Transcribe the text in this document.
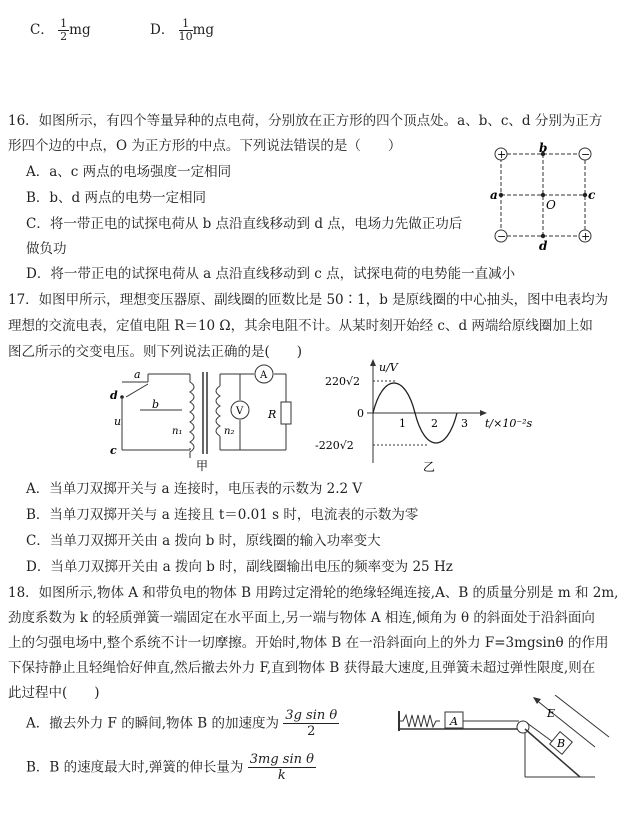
C． $\frac{1}{2}$ mg	D． $\frac{1}{10}$ mg
16．如图所示，有四个等量异种的点电荷，分别放在正方形的四个顶点处。a、b、c、d 分别为正方
形四个边的中点，O 为正方形的中点。下列说法错误的是（　　）
A．a、c 两点的电场强度一定相同
B．b、d 两点的电势一定相同
C．将一带正电的试探电荷从 b 点沿直线移动到 d 点，电场力先做正功后
做负功
D．将一带正电的试探电荷从 a 点沿直线移动到 c 点，试探电荷的电势能一直减小
+	−
+
−
b
d
a	c
O
17．如图甲所示，理想变压器原、副线圈的匝数比是 50∶1，b 是原线圈的中心抽头，图中电表均为
理想的交流电表，定值电阻 R＝10 Ω，其余电阻不计。从某时刻开始经 c、d 两端给原线圈加上如
图乙所示的交变电压。则下列说法正确的是(　　)
d
a
b
u
c
n₁	n₂
A
V R
甲
u/V
220√2
0
-220√2
t/×10⁻²s
1 2 3
乙
A．当单刀双掷开关与 a 连接时，电压表的示数为 2.2 V
B．当单刀双掷开关与 a 连接且 t＝0.01 s 时，电流表的示数为零
C．当单刀双掷开关由 a 拨向 b 时，原线圈的输入功率变大
D．当单刀双掷开关由 a 拨向 b 时，副线圈输出电压的频率变为 25 Hz
18．如图所示,物体 A 和带负电的物体 B 用跨过定滑轮的绝缘轻绳连接,A、B 的质量分别是 m 和 2m,
劲度系数为 k 的轻质弹簧一端固定在水平面上,另一端与物体 A 相连,倾角为 θ 的斜面处于沿斜面向
上的匀强电场中,整个系统不计一切摩擦。开始时,物体 B 在一沿斜面向上的外力 F=3mgsinθ 的作用
下保持静止且轻绳恰好伸直,然后撤去外力 F,直到物体 B 获得最大速度,且弹簧未超过弹性限度,则在
此过程中(　　)
A．撤去外力 F 的瞬间,物体 B 的加速度为 $\frac{\text{3g sin θ}}{2}$
B．B 的速度最大时,弹簧的伸长量为 $\frac{\text{3mg sin θ}}{k}$
A
B
E
